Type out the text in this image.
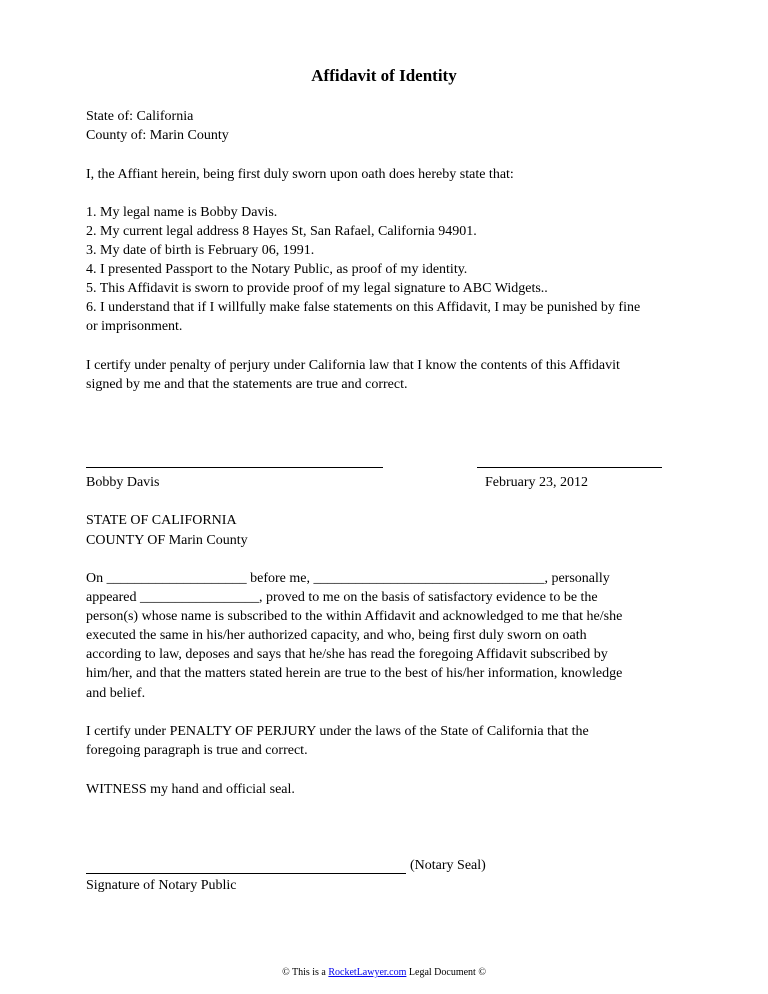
Affidavit of Identity
State of: California
County of: Marin County
I, the Affiant herein, being first duly sworn upon oath does hereby state that:
1. My legal name is Bobby Davis.
2. My current legal address 8 Hayes St, San Rafael, California 94901.
3. My date of birth is February 06, 1991.
4. I presented Passport to the Notary Public, as proof of my identity.
5. This Affidavit is sworn to provide proof of my legal signature to ABC Widgets..
6. I understand that if I willfully make false statements on this Affidavit, I may be punished by fine
or imprisonment.
I certify under penalty of perjury under California law that I know the contents of this Affidavit
signed by me and that the statements are true and correct.
Bobby Davis	February 23, 2012
STATE OF CALIFORNIA
COUNTY OF Marin County
On ____________________ before me, _________________________________, personally
appeared _________________, proved to me on the basis of satisfactory evidence to be the
person(s) whose name is subscribed to the within Affidavit and acknowledged to me that he/she
executed the same in his/her authorized capacity, and who, being first duly sworn on oath
according to law, deposes and says that he/she has read the foregoing Affidavit subscribed by
him/her, and that the matters stated herein are true to the best of his/her information, knowledge
and belief.
I certify under PENALTY OF PERJURY under the laws of the State of California that the
foregoing paragraph is true and correct.
WITNESS my hand and official seal.
(Notary Seal)
Signature of Notary Public
© This is a RocketLawyer.com Legal Document ©
